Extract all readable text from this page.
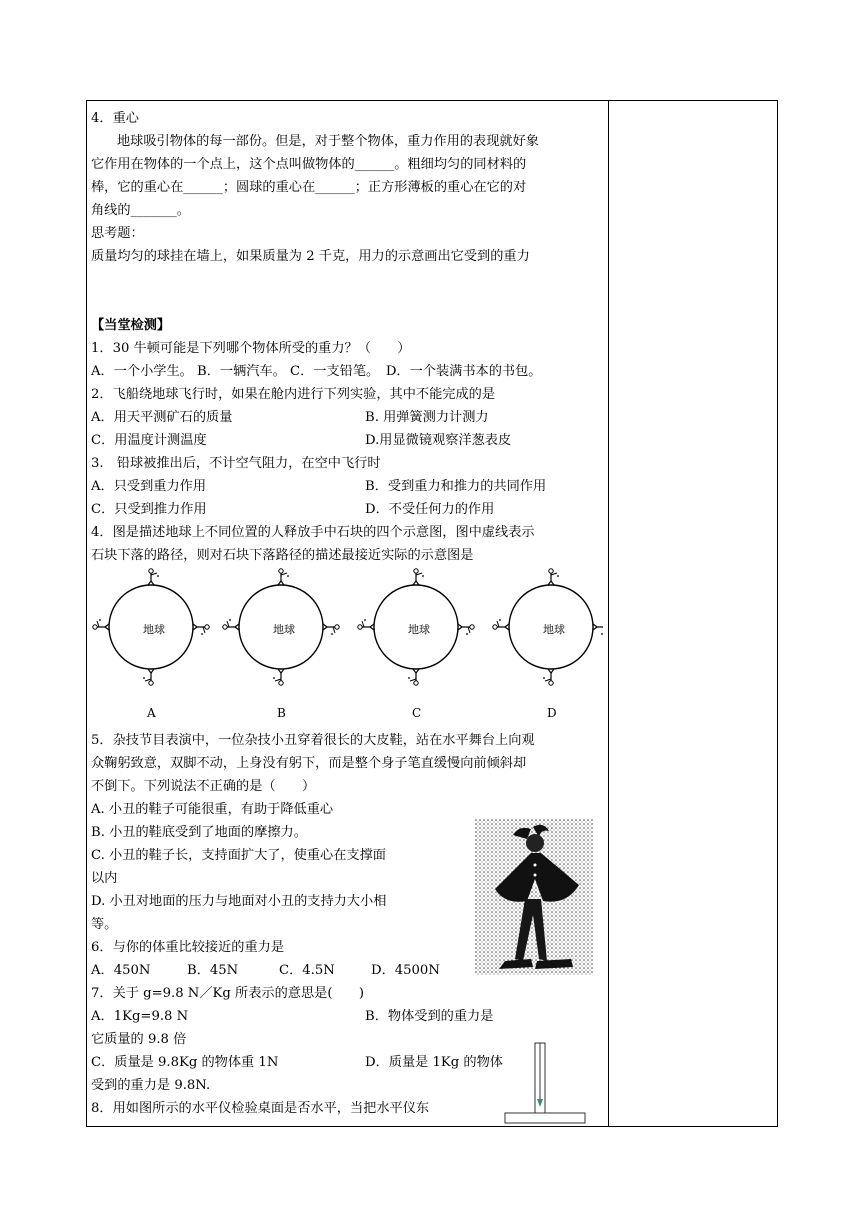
4．重心
地球吸引物体的每一部份。但是，对于整个物体，重力作用的表现就好象
它作用在物体的一个点上，这个点叫做物体的______。粗细均匀的同材料的
棒，它的重心在______；圆球的重心在______；正方形薄板的重心在它的对
角线的_______。
思考题：
质量均匀的球挂在墙上，如果质量为 2 千克，用力的示意画出它受到的重力
【当堂检测】
1．30 牛顿可能是下列哪个物体所受的重力？（　　）
A．一个小学生。 B．一辆汽车。 C．一支铅笔。　D．一个装满书本的书包。
2．飞船绕地球飞行时，如果在舱内进行下列实验，其中不能完成的是
A．用天平测矿石的质量	B. 用弹簧测力计测力
C．用温度计测温度	D.用显微镜观察洋葱表皮
3.　铅球被推出后，不计空气阻力，在空中飞行时
A．只受到重力作用	B．受到重力和推力的共同作用
C．只受到推力作用	D．不受任何力的作用
4．图是描述地球上不同位置的人释放手中石块的四个示意图，图中虚线表示
石块下落的路径，则对石块下落路径的描述最接近实际的示意图是
地球
A
地球
B
地球
C
地球
D
5．杂技节目表演中，一位杂技小丑穿着很长的大皮鞋，站在水平舞台上向观
众鞠躬致意，双脚不动，上身没有躬下，而是整个身子笔直缓慢向前倾斜却
不倒下。下列说法不正确的是（　　）
A. 小丑的鞋子可能很重，有助于降低重心
B. 小丑的鞋底受到了地面的摩擦力。
C. 小丑的鞋子长，支持面扩大了，使重心在支撑面
以内
D. 小丑对地面的压力与地面对小丑的支持力大小相
等。
6．与你的体重比较接近的重力是
A．450N	B．45N	C．4.5N	D．4500N
7．关于 g=9.8 N／Kg 所表示的意思是(　　)
A．1Kg=9.8 N	B．物体受到的重力是
它质量的 9.8 倍
C．质量是 9.8Kg 的物体重 1N	D．质量是 1Kg 的物体
受到的重力是 9.8N.
8．用如图所示的水平仪检验桌面是否水平，当把水平仪东
